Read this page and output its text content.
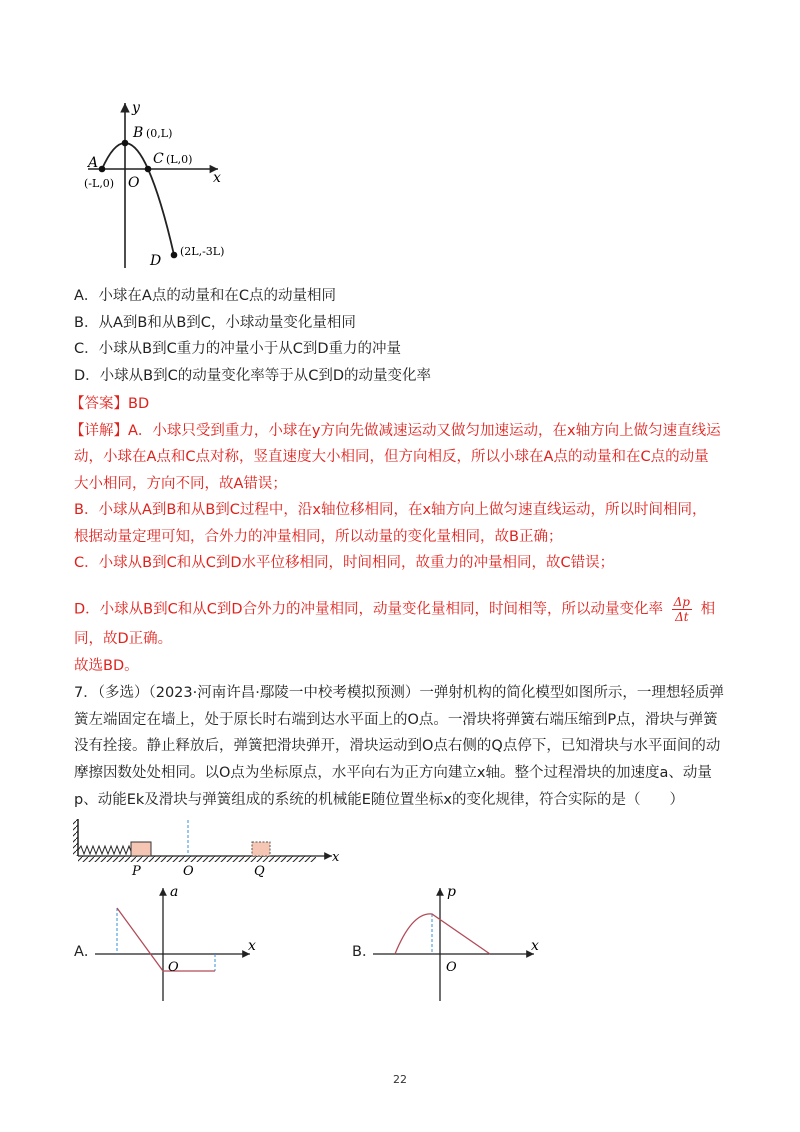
y
x
O
A
(-L,0)
B (0,L)
C (L,0)
D
(2L,-3L)
A．小球在A点的动量和在C点的动量相同
B．从A到B和从B到C，小球动量变化量相同
C．小球从B到C重力的冲量小于从C到D重力的冲量
D．小球从B到C的动量变化率等于从C到D的动量变化率
【答案】BD
【详解】A．小球只受到重力，小球在y方向先做减速运动又做匀加速运动，在x轴方向上做匀速直线运
动，小球在A点和C点对称，竖直速度大小相同，但方向相反，所以小球在A点的动量和在C点的动量
大小相同，方向不同，故A错误；
B．小球从A到B和从B到C过程中，沿x轴位移相同，在x轴方向上做匀速直线运动，所以时间相同，
根据动量定理可知，合外力的冲量相同，所以动量的变化量相同，故B正确；
C．小球从B到C和从C到D水平位移相同，时间相同，故重力的冲量相同，故C错误；
D．小球从B到C和从C到D合外力的冲量相同，动量变化量相同，时间相等，所以动量变化率 $\frac{\Delta p}{\Delta t}$ 相
同，故D正确。
故选BD。
7．（多选）（2023·河南许昌·鄢陵一中校考模拟预测）一弹射机构的简化模型如图所示，一理想轻质弹
簧左端固定在墙上，处于原长时右端到达水平面上的O点。一滑块将弹簧右端压缩到P点，滑块与弹簧
没有拴接。静止释放后，弹簧把滑块弹开，滑块运动到O点右侧的Q点停下，已知滑块与水平面间的动
摩擦因数处处相同。以O点为坐标原点，水平向右为正方向建立x轴。整个过程滑块的加速度a、动量
p、动能Ek及滑块与弹簧组成的系统的机械能E随位置坐标x的变化规律，符合实际的是（　　）
P	O	Q
x
A．
a
x
O
B．
p
x
O
22
